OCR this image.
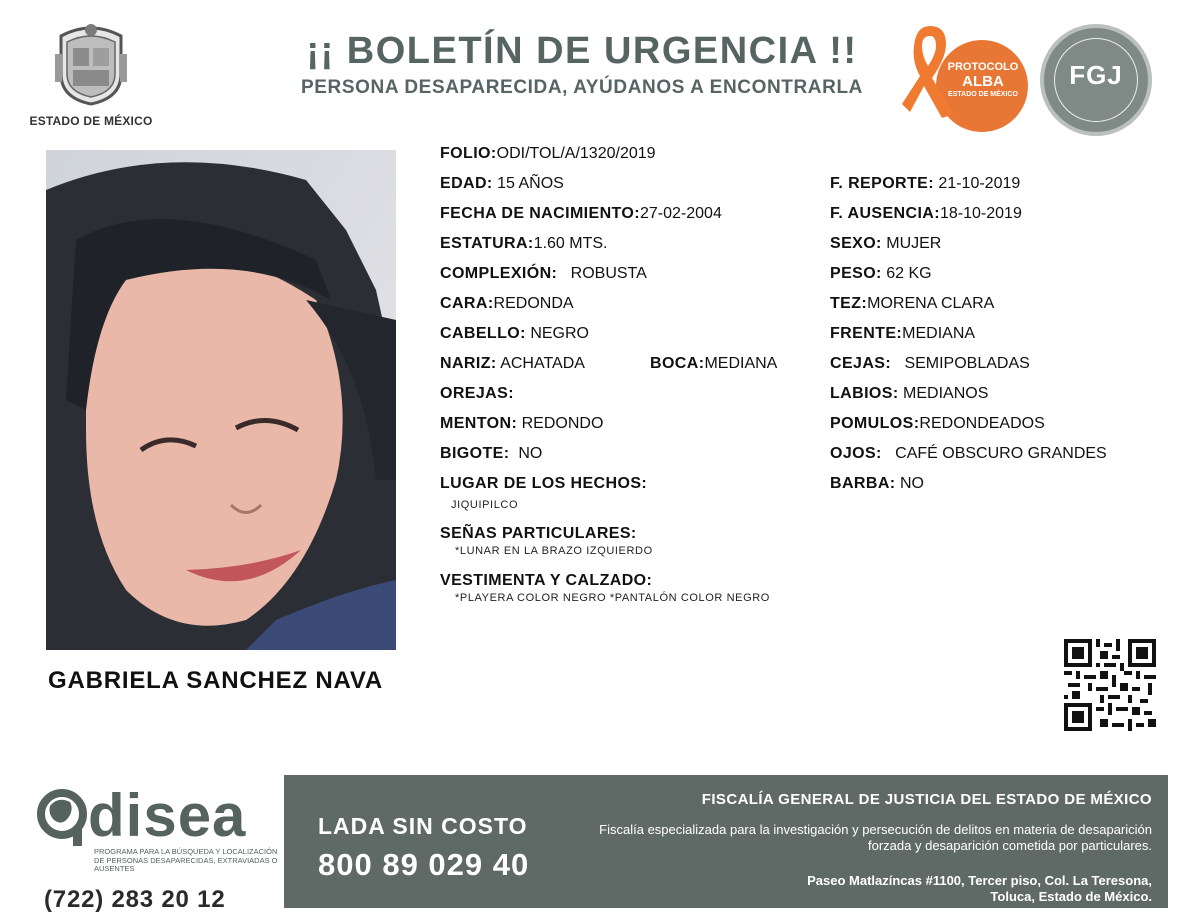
ESTADO DE MÉXICO
¡¡ BOLETÍN DE URGENCIA !!
PERSONA DESAPARECIDA, AYÚDANOS A ENCONTRARLA
PROTOCOLO
ALBA
ESTADO DE MÉXICO
FGJ
GABRIELA SANCHEZ NAVA
FOLIO:ODI/TOL/A/1320/2019
EDAD: 15 AÑOS
FECHA DE NACIMIENTO:27-02-2004
ESTATURA:1.60 MTS.
COMPLEXIÓN: ROBUSTA
CARA:REDONDA
CABELLO: NEGRO
NARIZ: ACHATADA	BOCA:MEDIANA
OREJAS:
MENTON: REDONDO
BIGOTE: NO
LUGAR DE LOS HECHOS:
JIQUIPILCO
SEÑAS PARTICULARES:
*LUNAR EN LA BRAZO IZQUIERDO
VESTIMENTA Y CALZADO:
*PLAYERA COLOR NEGRO *PANTALÓN COLOR NEGRO
F. REPORTE: 21-10-2019
F. AUSENCIA:18-10-2019
SEXO: MUJER
PESO: 62 KG
TEZ:MORENA CLARA
FRENTE:MEDIANA
CEJAS: SEMIPOBLADAS
LABIOS: MEDIANOS
POMULOS:REDONDEADOS
OJOS: CAFÉ OBSCURO GRANDES
BARBA: NO
disea
PROGRAMA PARA LA BÚSQUEDA Y LOCALIZACIÓN DE PERSONAS DESAPARECIDAS, EXTRAVIADAS O AUSENTES
(722) 283 20 12
LADA SIN COSTO
800 89 029 40
FISCALÍA GENERAL DE JUSTICIA DEL ESTADO DE MÉXICO
Fiscalía especializada para la investigación y persecución de delitos en materia de desaparición forzada y desaparición cometida por particulares.
Paseo Matlazíncas #1100, Tercer piso, Col. La Teresona,
Toluca, Estado de México.
